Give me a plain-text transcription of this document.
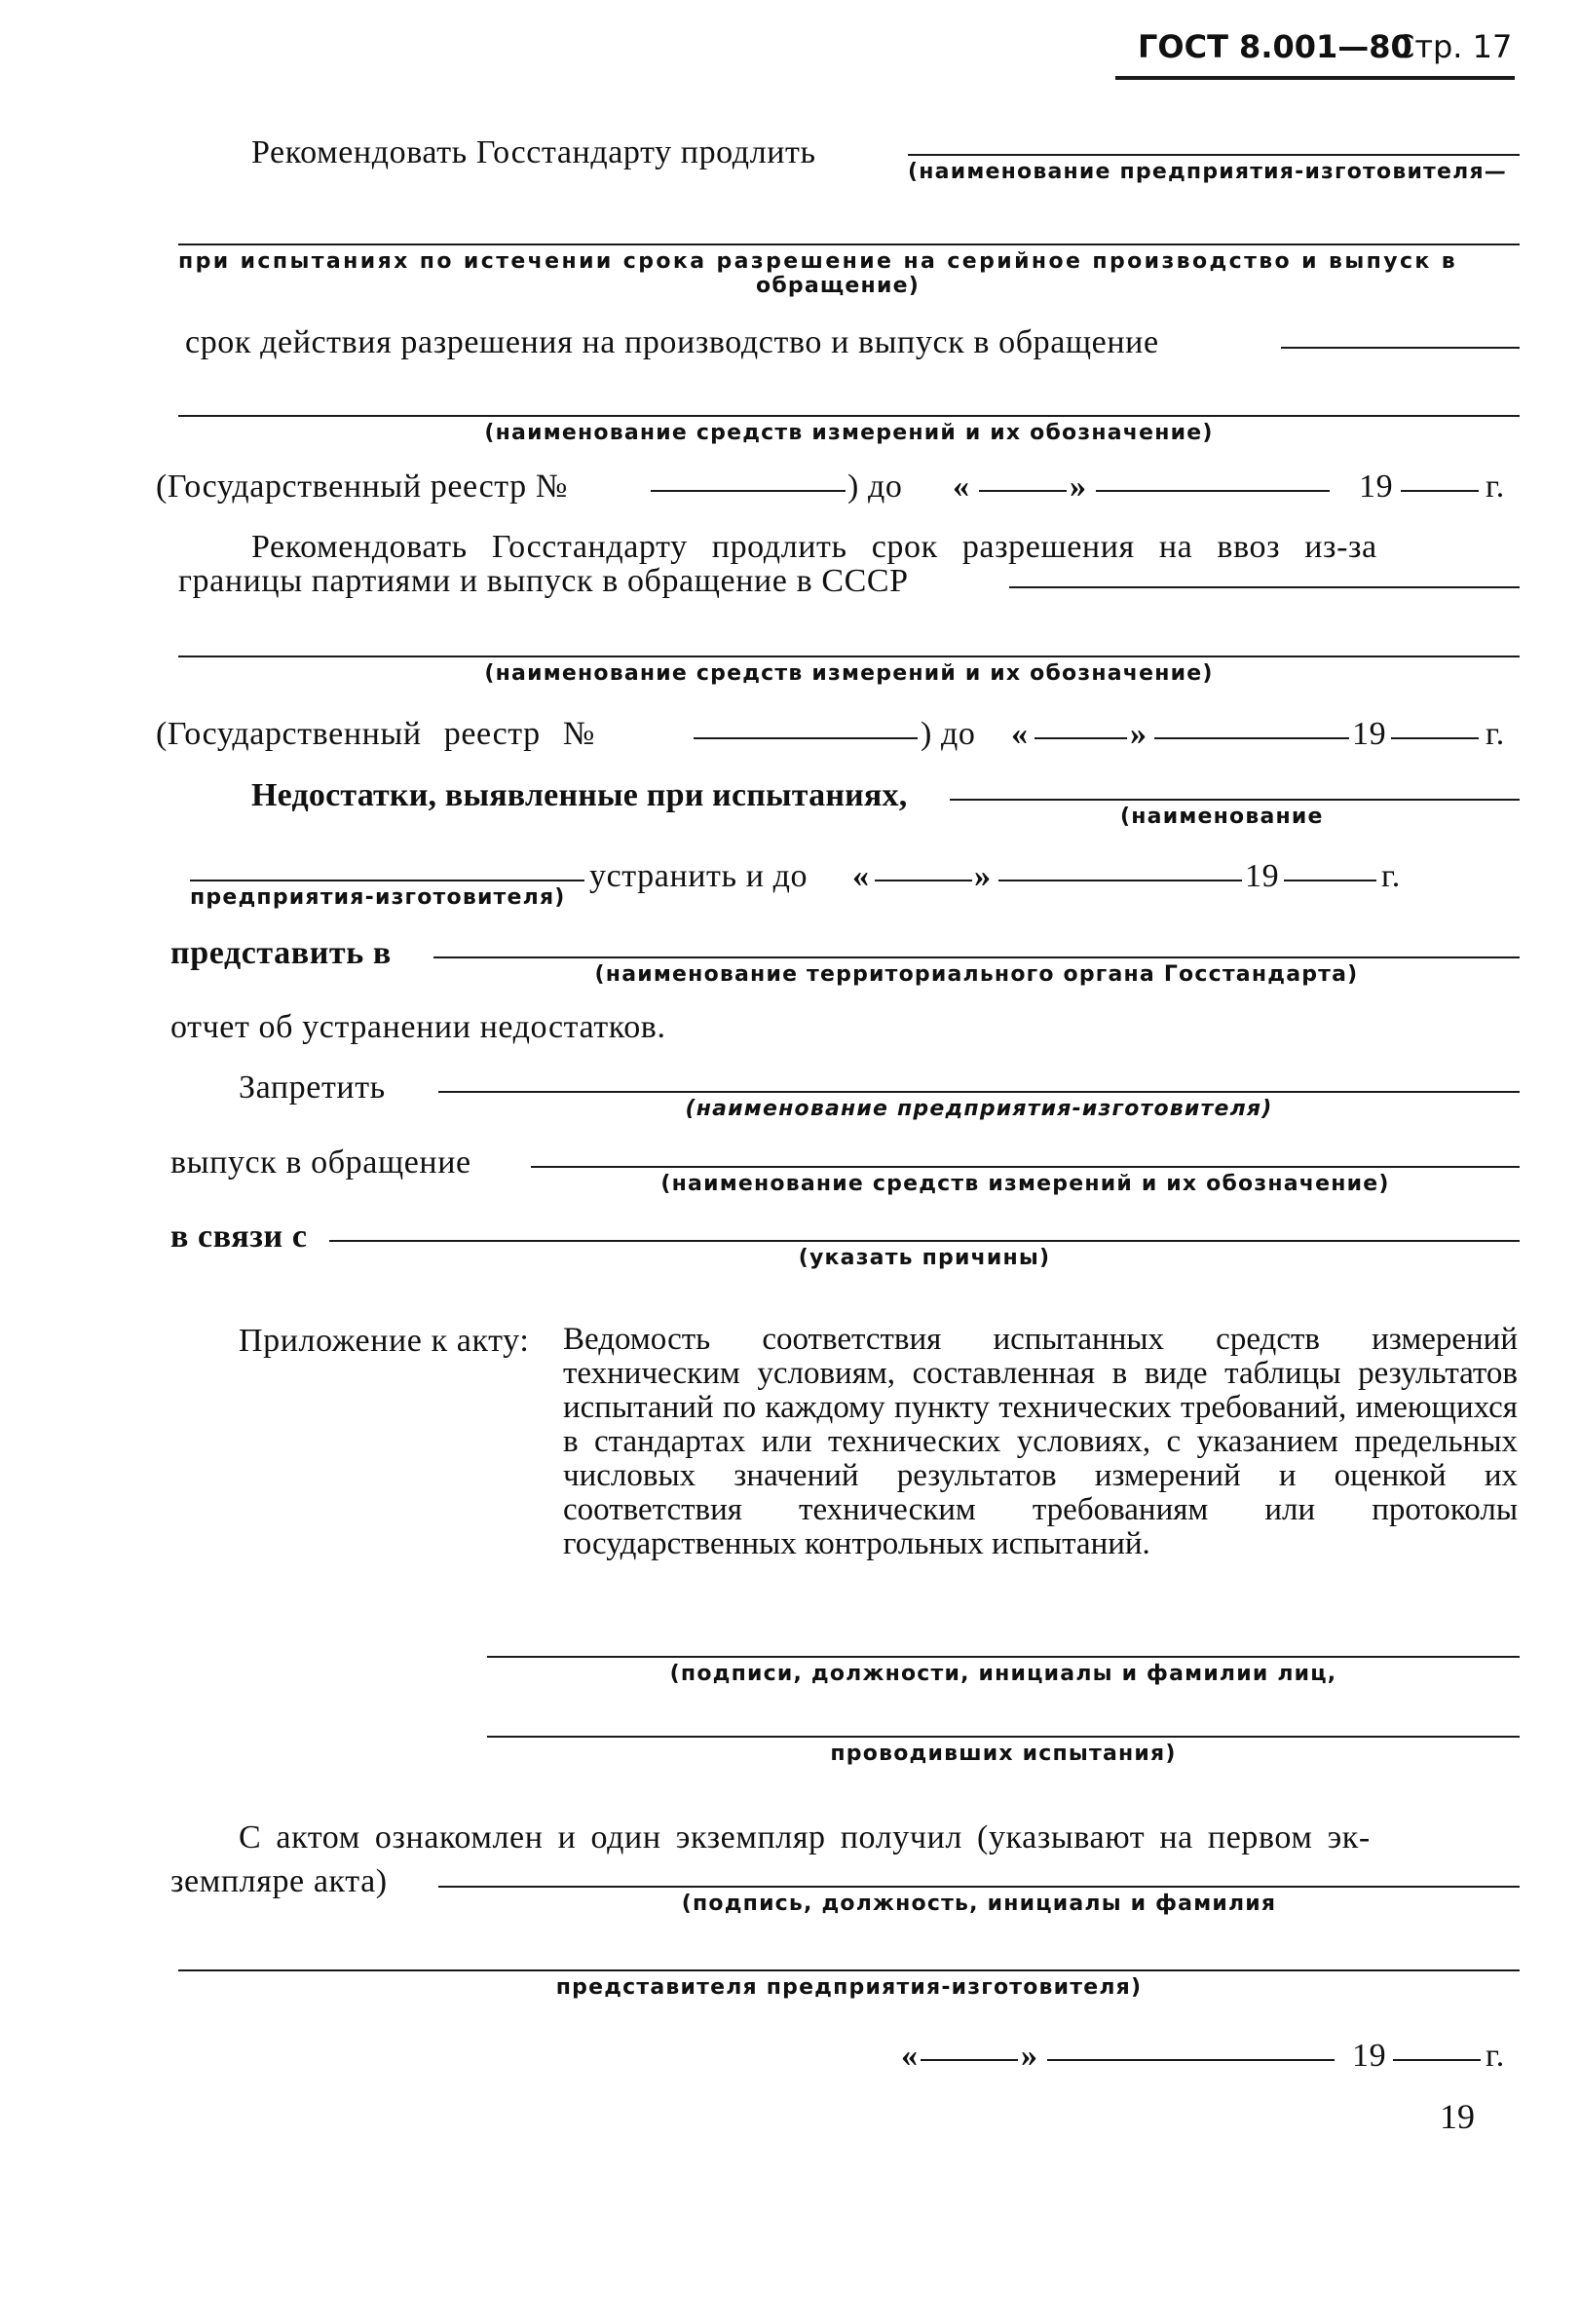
ГОСТ 8.001—80
Стр. 17
Рекомендовать Госстандарту продлить
(наименование предприятия-изготовителя—
при испытаниях по истечении срока разрешение на серийное производство и выпуск в
обращение)
срок действия разрешения на производство и выпуск в обращение
(наименование средств измерений и их обозначение)
(Государственный реестр №	) до «	»	19	г.
Рекомендовать Госстандарту продлить срок разрешения на ввоз из-за
границы партиями и выпуск в обращение в СССР
(наименование средств измерений и их обозначение)
(Государственный реестр №	) до «	»	19	г.
Недостатки, выявленные при испытаниях,
(наименование
предприятия-изготовителя)
устранить и до «	»	19	г.
представить в
(наименование территориального органа Госстандарта)
отчет об устранении недостатков.
Запретить
(наименование предприятия-изготовителя)
выпуск в обращение
(наименование средств измерений и их обозначение)
в связи с
(указать причины)
Приложение к акту: Ведомость соответствия испытанных средств измерений техническим условиям, составленная в виде таблицы результатов испытаний по каждому пункту технических требований, имеющихся в стандартах или технических условиях, с указанием предельных числовых значений результатов измерений и оценкой их соответствия техническим требованиям или протоколы государственных контрольных испытаний.
(подписи, должности, инициалы и фамилии лиц,
проводивших испытания)
С актом ознакомлен и один экземпляр получил (указывают на первом эк-
земпляре акта)
(подпись, должность, инициалы и фамилия
представителя предприятия-изготовителя)
«	»	19	г.
19
